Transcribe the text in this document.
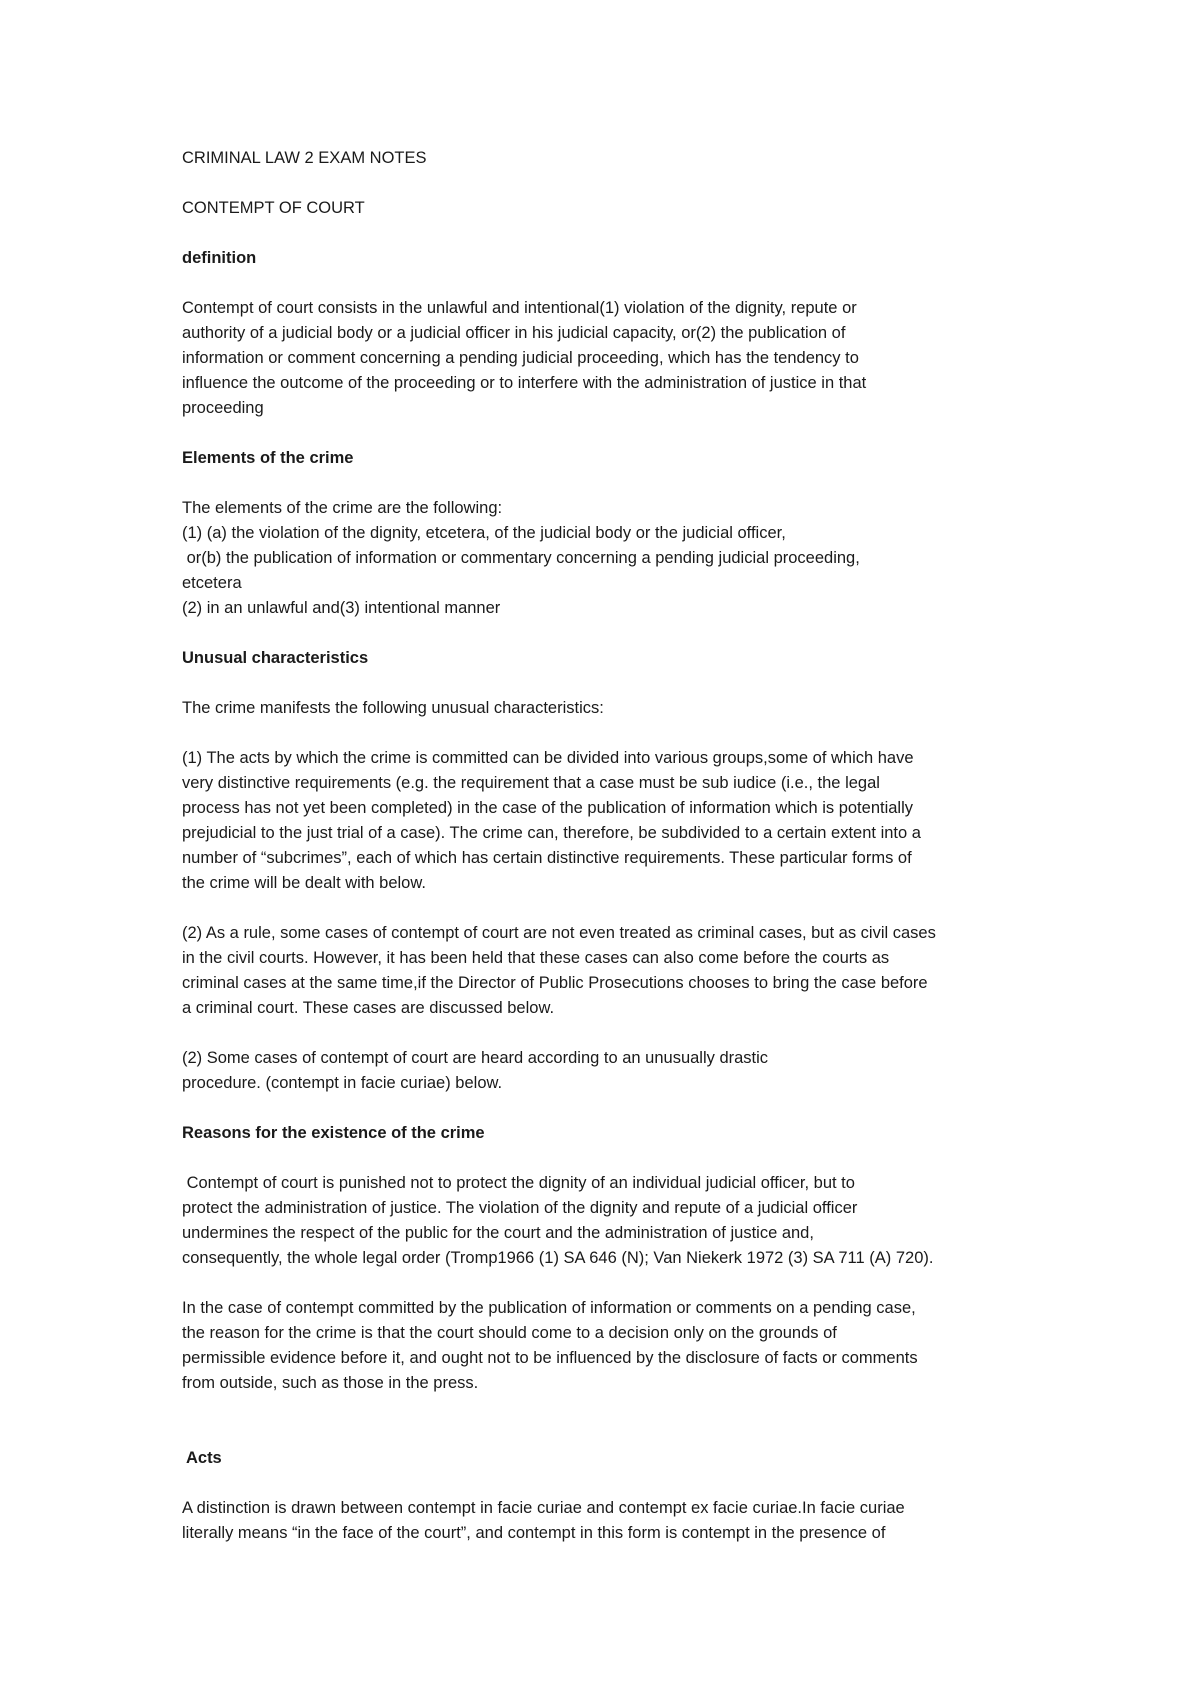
CRIMINAL LAW 2 EXAM NOTES

CONTEMPT OF COURT

definition

Contempt of court consists in the unlawful and intentional(1) violation of the dignity, repute or
authority of a judicial body or a judicial officer in his judicial capacity, or(2) the publication of
information or comment concerning a pending judicial proceeding, which has the tendency to
influence the outcome of the proceeding or to interfere with the administration of justice in that
proceeding

Elements of the crime

The elements of the crime are the following:
(1) (a) the violation of the dignity, etcetera, of the judicial body or the judicial officer,
or(b) the publication of information or commentary concerning a pending judicial proceeding,
etcetera
(2) in an unlawful and(3) intentional manner

Unusual characteristics

The crime manifests the following unusual characteristics:

(1) The acts by which the crime is committed can be divided into various groups,some of which have
very distinctive requirements (e.g. the requirement that a case must be sub iudice (i.e., the legal
process has not yet been completed) in the case of the publication of information which is potentially
prejudicial to the just trial of a case). The crime can, therefore, be subdivided to a certain extent into a
number of “subcrimes”, each of which has certain distinctive requirements. These particular forms of
the crime will be dealt with below.

(2) As a rule, some cases of contempt of court are not even treated as criminal cases, but as civil cases
in the civil courts. However, it has been held that these cases can also come before the courts as
criminal cases at the same time,if the Director of Public Prosecutions chooses to bring the case before
a criminal court. These cases are discussed below.

(2) Some cases of contempt of court are heard according to an unusually drastic
procedure. (contempt in facie curiae) below.

Reasons for the existence of the crime

Contempt of court is punished not to protect the dignity of an individual judicial officer, but to
protect the administration of justice. The violation of the dignity and repute of a judicial officer
undermines the respect of the public for the court and the administration of justice and,
consequently, the whole legal order (Tromp1966 (1) SA 646 (N); Van Niekerk 1972 (3) SA 711 (A) 720).

In the case of contempt committed by the publication of information or comments on a pending case,
the reason for the crime is that the court should come to a decision only on the grounds of
permissible evidence before it, and ought not to be influenced by the disclosure of facts or comments
from outside, such as those in the press.

Acts

A distinction is drawn between contempt in facie curiae and contempt ex facie curiae.In facie curiae
literally means “in the face of the court”, and contempt in this form is contempt in the presence of
